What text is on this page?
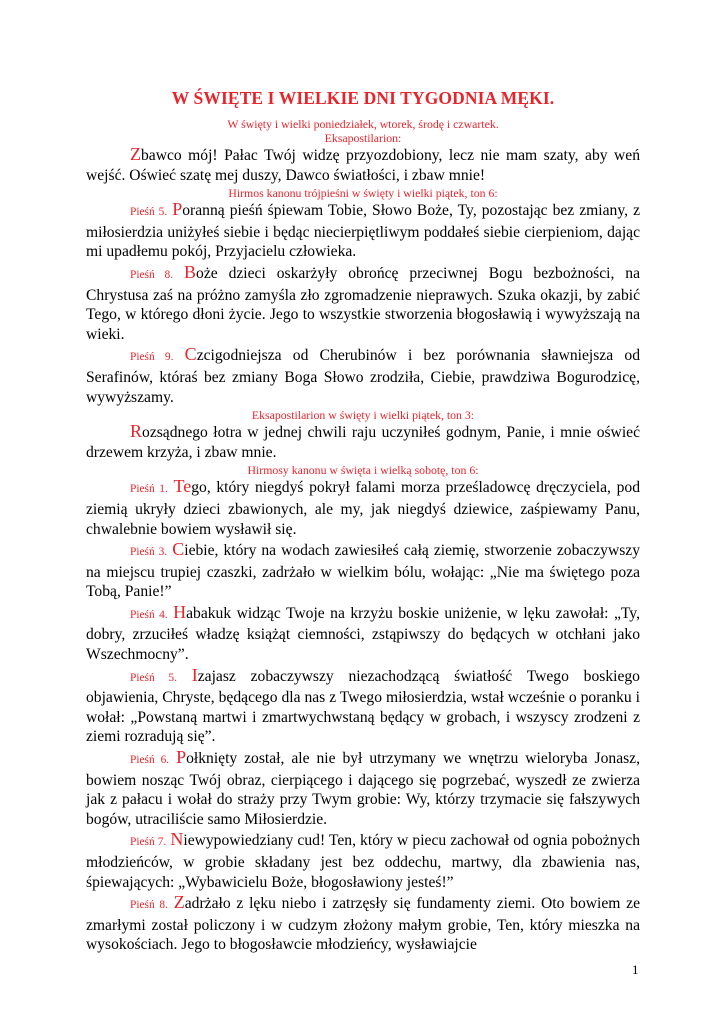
W ŚWIĘTE I WIELKIE DNI TYGODNIA MĘKI.

W święty i wielki poniedziałek, wtorek, środę i czwartek.

Eksapostilarion:

Zbawco mój! Pałac Twój widzę przyozdobiony, lecz nie mam szaty, aby weń wejść. Oświeć szatę mej duszy, Dawco światłości, i zbaw mnie!

Hirmos kanonu trójpieśni w święty i wielki piątek, ton 6:

Pieśń 5. Poranną pieśń śpiewam Tobie, Słowo Boże, Ty, pozostając bez zmiany, z miłosierdzia uniżyłeś siebie i będąc niecierpiętliwym poddałeś siebie cierpieniom, dając mi upadłemu pokój, Przyjacielu człowieka.

Pieśń 8. Boże dzieci oskarżyły obrońcę przeciwnej Bogu bezbożności, na Chrystusa zaś na próżno zamyśla zło zgromadzenie nieprawych. Szuka okazji, by zabić Tego, w którego dłoni życie. Jego to wszystkie stworzenia błogosławią i wywyższają na wieki.

Pieśń 9. Czcigodniejsza od Cherubinów i bez porównania sławniejsza od Serafinów, któraś bez zmiany Boga Słowo zrodziła, Ciebie, prawdziwa Bogurodzicę, wywyższamy.

Eksapostilarion w święty i wielki piątek, ton 3:

Rozsądnego łotra w jednej chwili raju uczyniłeś godnym, Panie, i mnie oświeć drzewem krzyża, i zbaw mnie.

Hirmosy kanonu w święta i wielką sobotę, ton 6:

Pieśń 1. Tego, który niegdyś pokrył falami morza prześladowcę dręczyciela, pod ziemią ukryły dzieci zbawionych, ale my, jak niegdyś dziewice, zaśpiewamy Panu, chwalebnie bowiem wysławił się.

Pieśń 3. Ciebie, który na wodach zawiesiłeś całą ziemię, stworzenie zobaczywszy na miejscu trupiej czaszki, zadrżało w wielkim bólu, wołając: „Nie ma świętego poza Tobą, Panie!”

Pieśń 4. Habakuk widząc Twoje na krzyżu boskie uniżenie, w lęku zawołał: „Ty, dobry, zrzuciłeś władzę książąt ciemności, zstąpiwszy do będących w otchłani jako Wszechmocny”.

Pieśń 5. Izajasz zobaczywszy niezachodzącą światłość Twego boskiego objawienia, Chryste, będącego dla nas z Twego miłosierdzia, wstał wcześnie o poranku i wołał: „Powstaną martwi i zmartwychwstaną będący w grobach, i wszyscy zrodzeni z ziemi rozradują się”.

Pieśń 6. Połknięty został, ale nie był utrzymany we wnętrzu wieloryba Jonasz, bowiem nosząc Twój obraz, cierpiącego i dającego się pogrzebać, wyszedł ze zwierza jak z pałacu i wołał do straży przy Twym grobie: Wy, którzy trzymacie się fałszywych bogów, utraciliście samo Miłosierdzie.

Pieśń 7. Niewypowiedziany cud! Ten, który w piecu zachował od ognia pobożnych młodzieńców, w grobie składany jest bez oddechu, martwy, dla zbawienia nas, śpiewających: „Wybawicielu Boże, błogosławiony jesteś!”

Pieśń 8. Zadrżało z lęku niebo i zatrzęsły się fundamenty ziemi. Oto bowiem ze zmarłymi został policzony i w cudzym złożony małym grobie, Ten, który mieszka na wysokościach. Jego to błogosławcie młodzieńcy, wysławiajcie

1
